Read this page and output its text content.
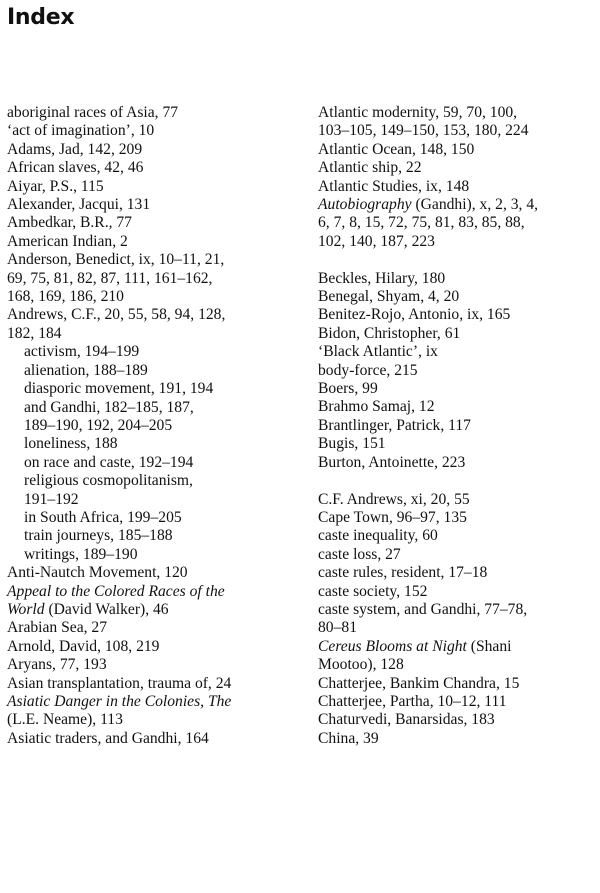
Index
aboriginal races of Asia, 77
‘act of imagination’, 10
Adams, Jad, 142, 209
African slaves, 42, 46
Aiyar, P.S., 115
Alexander, Jacqui, 131
Ambedkar, B.R., 77
American Indian, 2
Anderson, Benedict, ix, 10–11, 21,
69, 75, 81, 82, 87, 111, 161–162,
168, 169, 186, 210
Andrews, C.F., 20, 55, 58, 94, 128,
182, 184
activism, 194–199
alienation, 188–189
diasporic movement, 191, 194
and Gandhi, 182–185, 187,
189–190, 192, 204–205
loneliness, 188
on race and caste, 192–194
religious cosmopolitanism,
191–192
in South Africa, 199–205
train journeys, 185–188
writings, 189–190
Anti-Nautch Movement, 120
Appeal to the Colored Races of the
World (David Walker), 46
Arabian Sea, 27
Arnold, David, 108, 219
Aryans, 77, 193
Asian transplantation, trauma of, 24
Asiatic Danger in the Colonies, The
(L.E. Neame), 113
Asiatic traders, and Gandhi, 164
Atlantic modernity, 59, 70, 100,
103–105, 149–150, 153, 180, 224
Atlantic Ocean, 148, 150
Atlantic ship, 22
Atlantic Studies, ix, 148
Autobiography (Gandhi), x, 2, 3, 4,
6, 7, 8, 15, 72, 75, 81, 83, 85, 88,
102, 140, 187, 223
Beckles, Hilary, 180
Benegal, Shyam, 4, 20
Benitez-Rojo, Antonio, ix, 165
Bidon, Christopher, 61
‘Black Atlantic’, ix
body-force, 215
Boers, 99
Brahmo Samaj, 12
Brantlinger, Patrick, 117
Bugis, 151
Burton, Antoinette, 223
C.F. Andrews, xi, 20, 55
Cape Town, 96–97, 135
caste inequality, 60
caste loss, 27
caste rules, resident, 17–18
caste society, 152
caste system, and Gandhi, 77–78,
80–81
Cereus Blooms at Night (Shani
Mootoo), 128
Chatterjee, Bankim Chandra, 15
Chatterjee, Partha, 10–12, 111
Chaturvedi, Banarsidas, 183
China, 39
